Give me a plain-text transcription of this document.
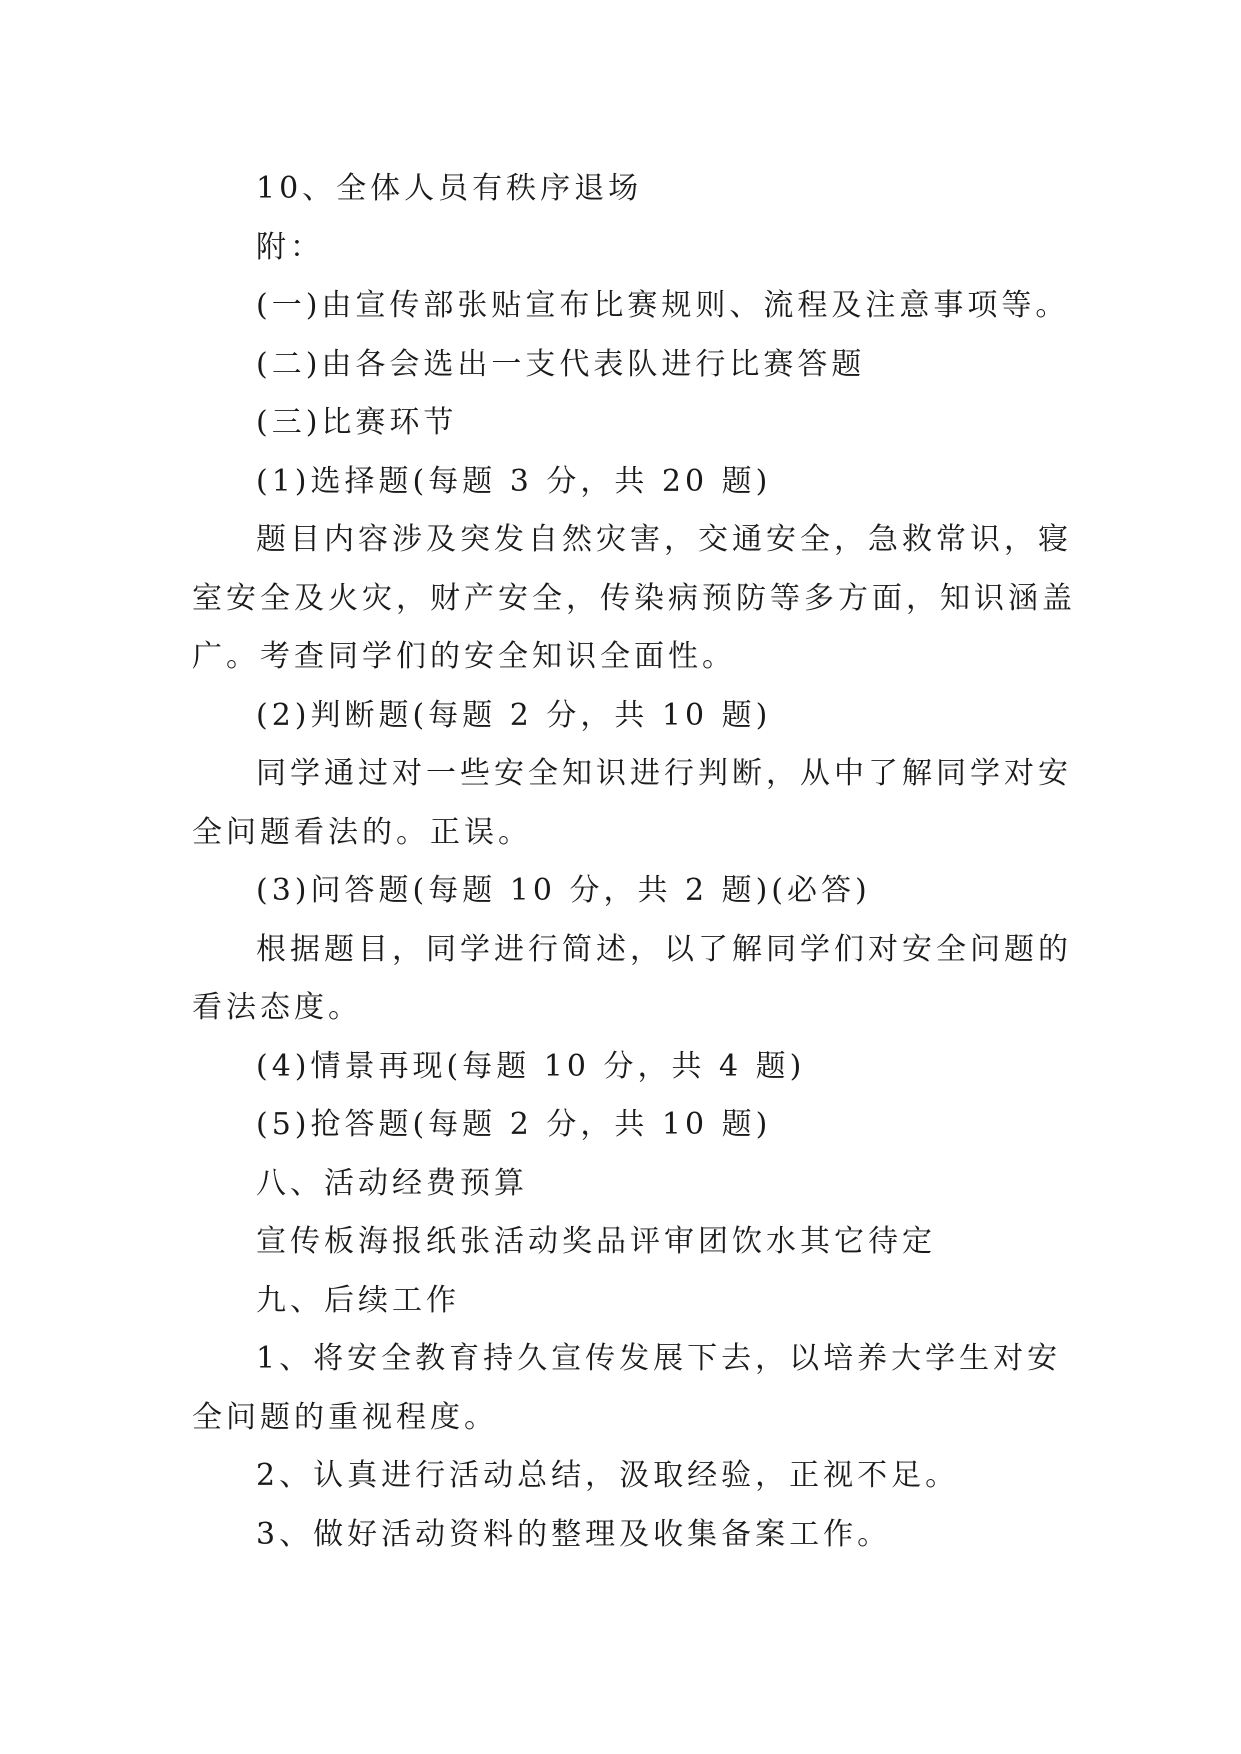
10、全体人员有秩序退场
附：
(一)由宣传部张贴宣布比赛规则、流程及注意事项等。
(二)由各会选出一支代表队进行比赛答题
(三)比赛环节
(1)选择题(每题 3 分，共 20 题)
题目内容涉及突发自然灾害，交通安全，急救常识，寝
室安全及火灾，财产安全，传染病预防等多方面，知识涵盖
广。考查同学们的安全知识全面性。
(2)判断题(每题 2 分，共 10 题)
同学通过对一些安全知识进行判断，从中了解同学对安
全问题看法的。正误。
(3)问答题(每题 10 分，共 2 题)(必答)
根据题目，同学进行简述，以了解同学们对安全问题的
看法态度。
(4)情景再现(每题 10 分，共 4 题)
(5)抢答题(每题 2 分，共 10 题)
八、活动经费预算
宣传板海报纸张活动奖品评审团饮水其它待定
九、后续工作
1、将安全教育持久宣传发展下去，以培养大学生对安
全问题的重视程度。
2、认真进行活动总结，汲取经验，正视不足。
3、做好活动资料的整理及收集备案工作。
